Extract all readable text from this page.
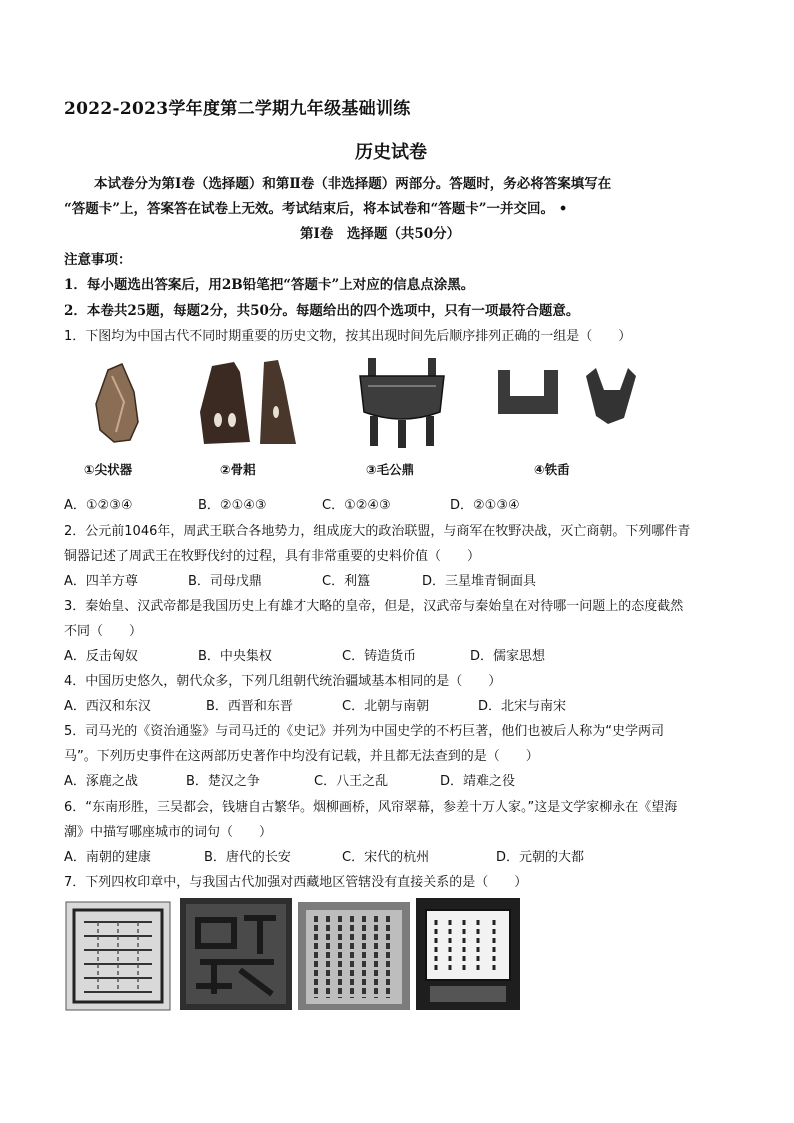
2022-2023学年度第二学期九年级基础训练
历史试卷
本试卷分为第Ⅰ卷（选择题）和第Ⅱ卷（非选择题）两部分。答题时，务必将答案填写在
“答题卡”上，答案答在试卷上无效。考试结束后，将本试卷和“答题卡”一并交回。 •
第Ⅰ卷　选择题（共50分）
注意事项：
1．每小题选出答案后，用2B铅笔把“答题卡”上对应的信息点涂黑。
2．本卷共25题，每题2分，共50分。每题给出的四个选项中，只有一项最符合题意。
1．下图均为中国古代不同时期重要的历史文物，按其出现时间先后顺序排列正确的一组是（　　）
①尖状器	②骨耜	③毛公鼎	④铁臿
A．①②③④	B．②①④③	C．①②④③	D．②①③④
2．公元前1046年，周武王联合各地势力，组成庞大的政治联盟，与商军在牧野决战，灭亡商朝。下列哪件青
铜器记述了周武王在牧野伐纣的过程，具有非常重要的史料价值（　　）
A．四羊方尊	B．司母戊鼎	C．利簋	D．三星堆青铜面具
3．秦始皇、汉武帝都是我国历史上有雄才大略的皇帝，但是，汉武帝与秦始皇在对待哪一问题上的态度截然
不同（　　）
A．反击匈奴	B．中央集权	C．铸造货币	D．儒家思想
4．中国历史悠久，朝代众多，下列几组朝代统治疆域基本相同的是（　　）
A．西汉和东汉	B．西晋和东晋	C．北朝与南朝	D．北宋与南宋
5．司马光的《资治通鉴》与司马迁的《史记》并列为中国史学的不朽巨著，他们也被后人称为“史学两司
马”。下列历史事件在这两部历史著作中均没有记载，并且都无法查到的是（　　）
A．涿鹿之战	B．楚汉之争	C．八王之乱	D．靖难之役
6．“东南形胜，三吴都会，钱塘自古繁华。烟柳画桥，风帘翠幕，参差十万人家。”这是文学家柳永在《望海
潮》中描写哪座城市的词句（　　）
A．南朝的建康	B．唐代的长安	C．宋代的杭州	D．元朝的大都
7．下列四枚印章中，与我国古代加强对西藏地区管辖没有直接关系的是（　　）
